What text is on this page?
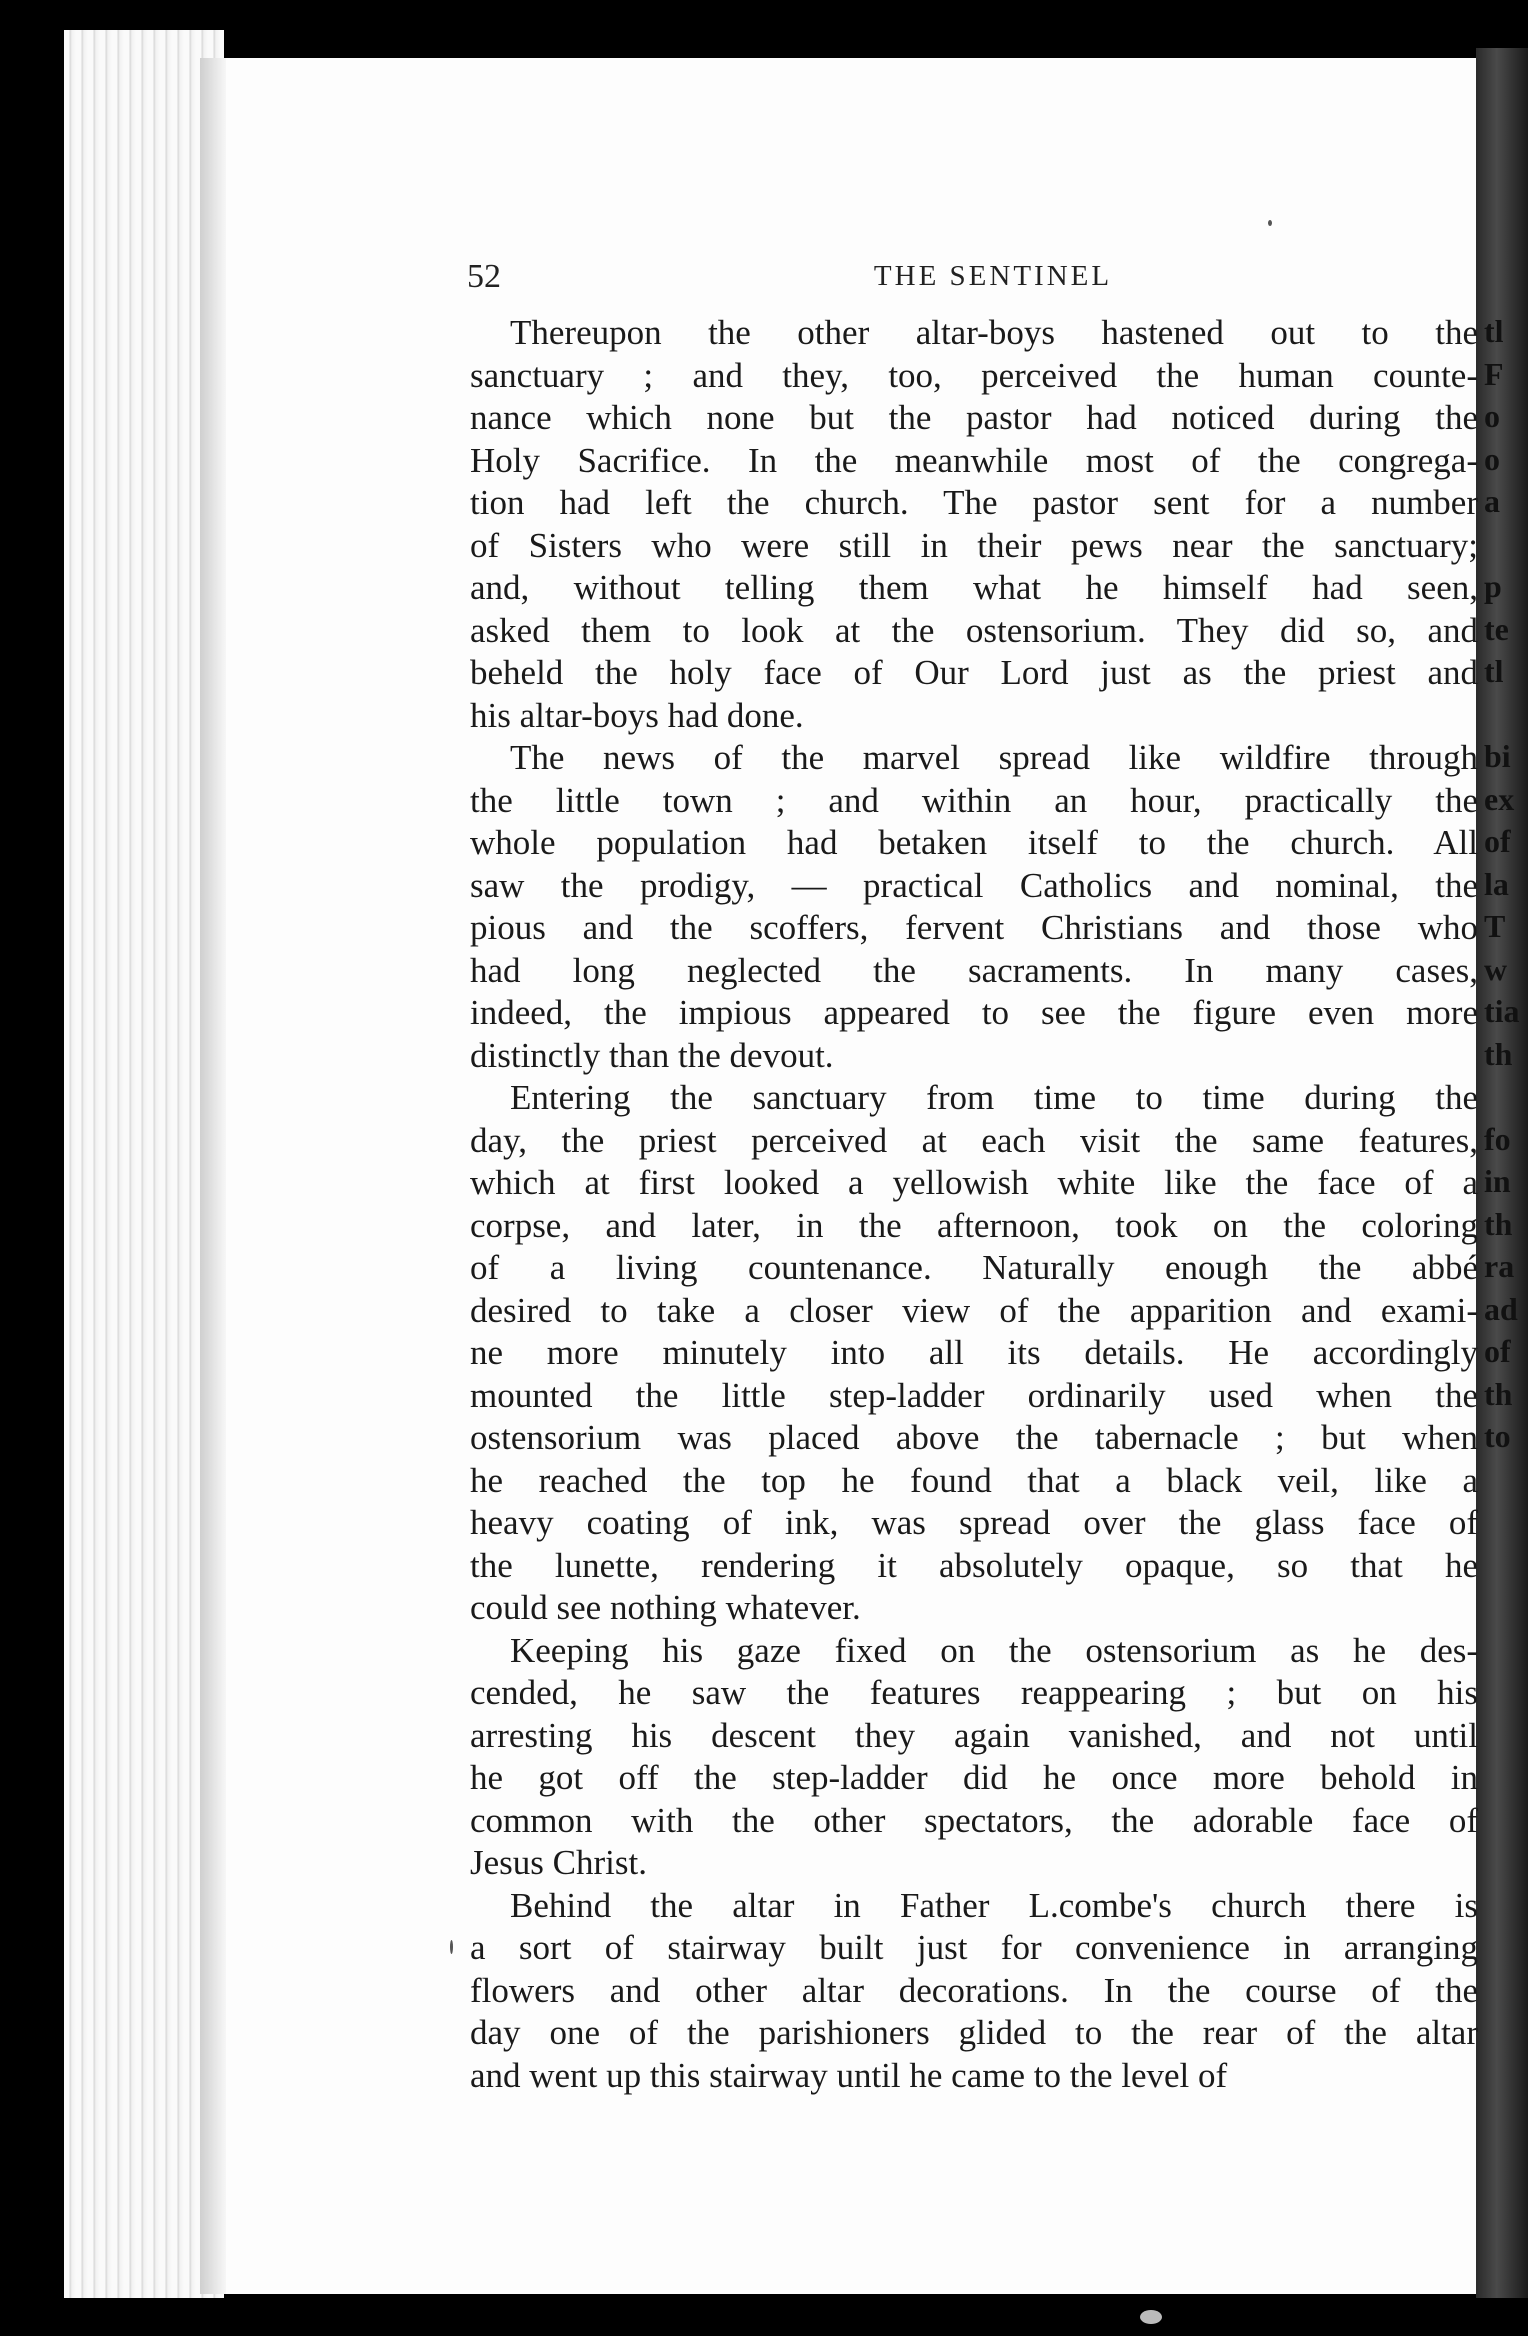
tl
F
o
o
a
p
te
tl
bi
ex
of
la
T
w
tia
th
fo
in
th
ra
ad
of
th
to
52	THE SENTINEL
Thereupon the other altar-boys hastened out to the
sanctuary ; and they, too, perceived the human counte-
nance which none but the pastor had noticed during the
Holy Sacrifice. In the meanwhile most of the congrega-
tion had left the church. The pastor sent for a number
of Sisters who were still in their pews near the sanctuary;
and, without telling them what he himself had seen,
asked them to look at the ostensorium. They did so, and
beheld the holy face of Our Lord just as the priest and
his altar-boys had done.
The news of the marvel spread like wildfire through
the little town ; and within an hour, practically the
whole population had betaken itself to the church. All
saw the prodigy, — practical Catholics and nominal, the
pious and the scoffers, fervent Christians and those who
had long neglected the sacraments. In many cases,
indeed, the impious appeared to see the figure even more
distinctly than the devout.
Entering the sanctuary from time to time during the
day, the priest perceived at each visit the same features,
which at first looked a yellowish white like the face of a
corpse, and later, in the afternoon, took on the coloring
of a living countenance. Naturally enough the abbé
desired to take a closer view of the apparition and exami-
ne more minutely into all its details. He accordingly
mounted the little step-ladder ordinarily used when the
ostensorium was placed above the tabernacle ; but when
he reached the top he found that a black veil, like a
heavy coating of ink, was spread over the glass face of
the lunette, rendering it absolutely opaque, so that he
could see nothing whatever.
Keeping his gaze fixed on the ostensorium as he des-
cended, he saw the features reappearing ; but on his
arresting his descent they again vanished, and not until
he got off the step-ladder did he once more behold in
common with the other spectators, the adorable face of
Jesus Christ.
Behind the altar in Father L.combe's church there is
a sort of stairway built just for convenience in arranging
flowers and other altar decorations. In the course of the
day one of the parishioners glided to the rear of the altar
and went up this stairway until he came to the level of
